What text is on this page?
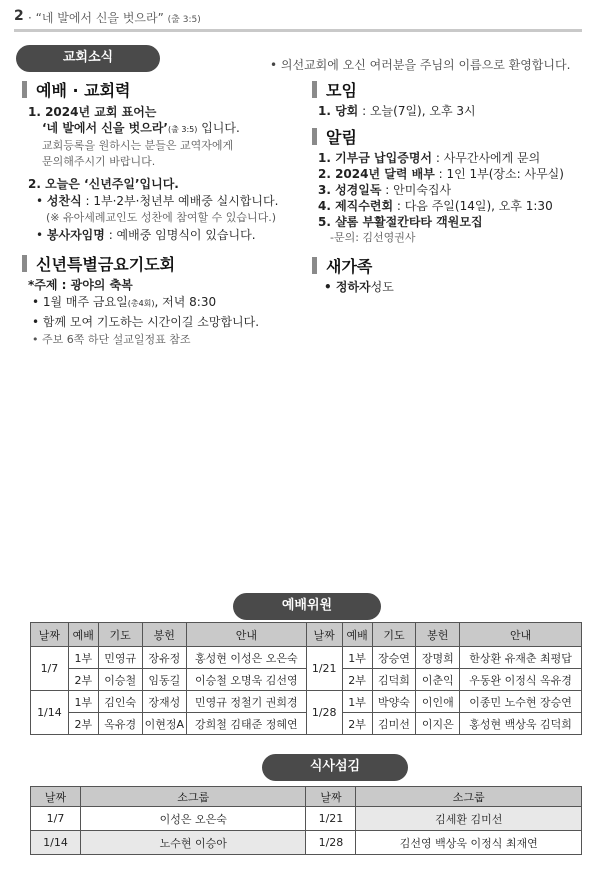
2 · “네 발에서 신을 벗으라” (출 3:5)
교회소식	• 의선교회에 오신 여러분을 주님의 이름으로 환영합니다.
예배 · 교회력
1. 2024년 교회 표어는
‘네 발에서 신을 벗으라’(출 3:5) 입니다.
교회등록을 원하시는 분들은 교역자에게
문의해주시기 바랍니다.
2. 오늘은 ‘신년주일’입니다.
• 성찬식 : 1부·2부·청년부 예배중 실시합니다.
(※ 유아세례교인도 성찬에 참여할 수 있습니다.)
• 봉사자임명 : 예배중 임명식이 있습니다.
신년특별금요기도회
*주제 : 광야의 축복
• 1월 매주 금요일(총4회), 저녁 8:30
• 함께 모여 기도하는 시간이길 소망합니다.
• 주보 6쪽 하단 설교일정표 참조
모임
1. 당회 : 오늘(7일), 오후 3시
알림
1. 기부금 납입증명서 : 사무간사에게 문의
2. 2024년 달력 배부 : 1인 1부(장소: 사무실)
3. 성경일독 : 안미숙집사
4. 제직수련회 : 다음 주일(14일), 오후 1:30
5. 샬롬 부활절칸타타 객원모집
-문의: 김선영권사
새가족
• 정하자성도
예배위원
날짜	예배	기도	봉헌	안내	날짜	예배	기도	봉헌	안내
1/7	1부	민영규	장유정	홍성현 이성은 오은숙	1/21	1부	장승연	장명희	한상환 유재춘 최평답
	2부	이승철	임동길	이승철 오명욱 김선영		2부	김덕희	이춘익	우동완 이정식 옥유경
1/14	1부	김인숙	장재성	민영규 정철기 권희경	1/28	1부	박양숙	이인애	이종민 노수현 장승연
	2부	옥유경	이현정A	강희철 김태준 정혜연		2부	김미선	이지은	홍성현 백상욱 김덕희
식사섬김
날짜	소그룹	날짜	소그룹
1/7	이성은 오은숙	1/21	김세환 김미선
1/14	노수현 이승아	1/28	김선영 백상욱 이정식 최재연
